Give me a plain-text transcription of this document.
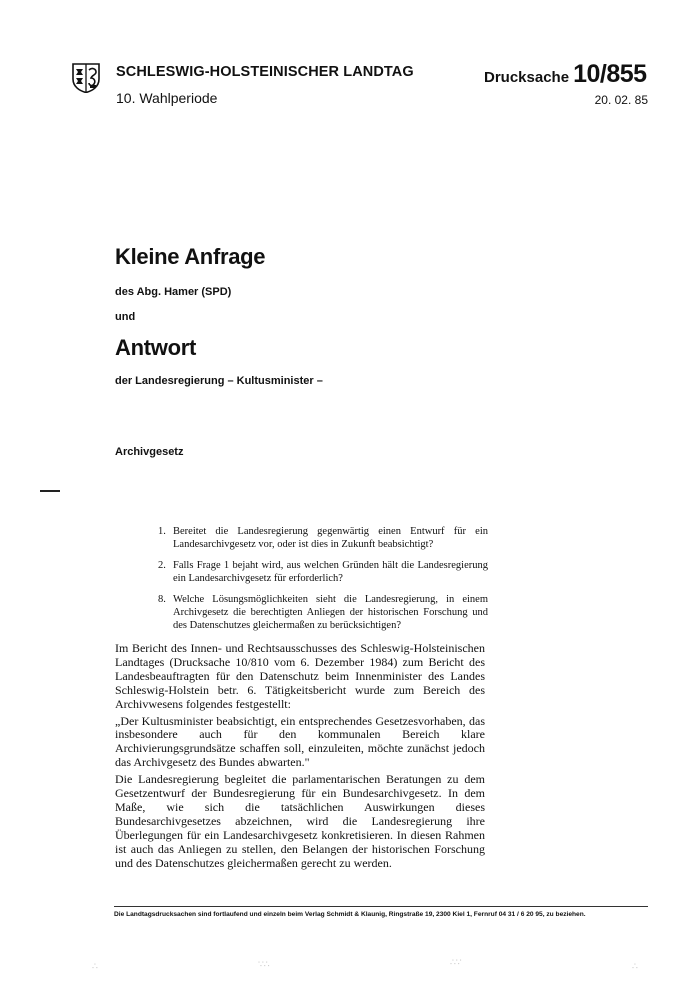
SCHLESWIG-HOLSTEINISCHER LANDTAG
10. Wahlperiode
Drucksache 10/855
20. 02. 85
Kleine Anfrage
des Abg. Hamer (SPD)
und
Antwort
der Landesregierung – Kultusminister –
Archivgesetz
1. Bereitet die Landesregierung gegenwärtig einen Entwurf für ein Landesarchivgesetz vor, oder ist dies in Zukunft beabsichtigt?
2. Falls Frage 1 bejaht wird, aus welchen Gründen hält die Landesregierung ein Landesarchivgesetz für erforderlich?
8. Welche Lösungsmöglichkeiten sieht die Landesregierung, in einem Archivgesetz die berechtigten Anliegen der historischen Forschung und des Datenschutzes gleichermaßen zu berücksichtigen?

Im Bericht des Innen- und Rechtsausschusses des Schleswig-Holsteinischen Landtages (Drucksache 10/810 vom 6. Dezember 1984) zum Bericht des Landesbeauftragten für den Datenschutz beim Innenminister des Landes Schleswig-Holstein betr. 6. Tätigkeitsbericht wurde zum Bereich des Archivwesens folgendes festgestellt:

„Der Kultusminister beabsichtigt, ein entsprechendes Gesetzesvorhaben, das insbesondere auch für den kommunalen Bereich klare Archivierungsgrundsätze schaffen soll, einzuleiten, möchte zunächst jedoch das Archivgesetz des Bundes abwarten."

Die Landesregierung begleitet die parlamentarischen Beratungen zu dem Gesetzentwurf der Bundesregierung für ein Bundesarchivgesetz. In dem Maße, wie sich die tatsächlichen Auswirkungen dieses Bundesarchivgesetzes abzeichnen, wird die Landesregierung ihre Überlegungen für ein Landesarchivgesetz konkretisieren. In diesen Rahmen ist auch das Anliegen zu stellen, den Belangen der historischen Forschung und des Datenschutzes gleichermaßen gerecht zu werden.

Die Landtagsdrucksachen sind fortlaufend und einzeln beim Verlag Schmidt & Klaunig, Ringstraße 19, 2300 Kiel 1, Fernruf 04 31 / 6 20 95, zu beziehen.
∴	∵∴	∴∵	∴
